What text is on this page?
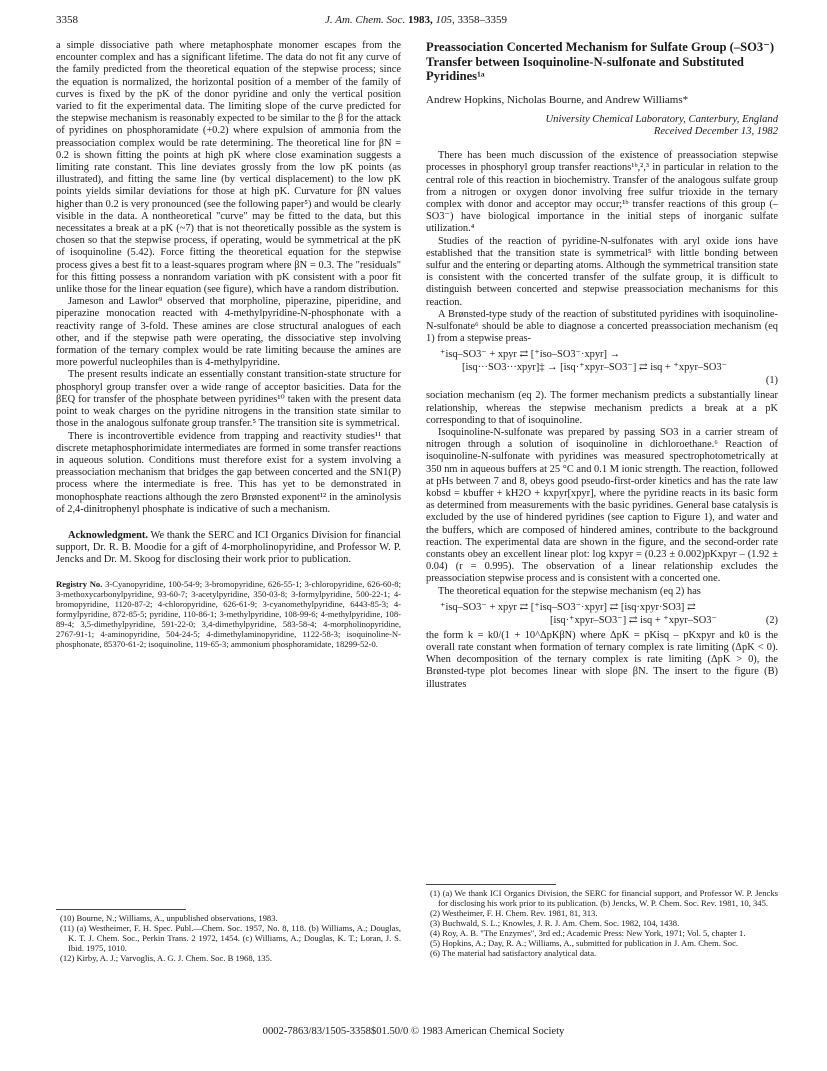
3358	J. Am. Chem. Soc. 1983, 105, 3358–3359

a simple dissociative path where metaphosphate monomer escapes from the encounter complex and has a significant lifetime. The data do not fit any curve of the family predicted from the theoretical equation of the stepwise process; since the equation is normalized, the horizontal position of a member of the family of curves is fixed by the pK of the donor pyridine and only the vertical position varied to fit the experimental data. The limiting slope of the curve predicted for the stepwise mechanism is reasonably expected to be similar to the β for the attack of pyridines on phosphoramidate (+0.2) where expulsion of ammonia from the preassociation complex would be rate determining. The theoretical line for βN = 0.2 is shown fitting the points at high pK where close examination suggests a limiting rate constant. This line deviates grossly from the low pK points (as illustrated), and fitting the same line (by vertical displacement) to the low pK points yields similar deviations for those at high pK. Curvature for βN values higher than 0.2 is very pronounced (see the following paper⁵) and would be clearly visible in the data. A nontheoretical "curve" may be fitted to the data, but this necessitates a break at a pK (~7) that is not theoretically possible as the system is chosen so that the stepwise process, if operating, would be symmetrical at the pK of isoquinoline (5.42). Force fitting the theoretical equation for the stepwise process gives a best fit to a least-squares program where βN = 0.3. The "residuals" for this fitting possess a nonrandom variation with pK consistent with a poor fit unlike those for the linear equation (see figure), which have a random distribution.

Jameson and Lawlor⁹ observed that morpholine, piperazine, piperidine, and piperazine monocation reacted with 4-methylpyridine-N-phosphonate with a reactivity range of 3-fold. These amines are close structural analogues of each other, and if the stepwise path were operating, the dissociative step involving formation of the ternary complex would be rate limiting because the amines are more powerful nucleophiles than is 4-methylpyridine.

The present results indicate an essentially constant transition-state structure for phosphoryl group transfer over a wide range of acceptor basicities. Data for the βEQ for transfer of the phosphate between pyridines¹⁰ taken with the present data point to weak charges on the pyridine nitrogens in the transition state similar to those in the analogous sulfonate group transfer.⁵ The transition site is symmetrical.

There is incontrovertible evidence from trapping and reactivity studies¹¹ that discrete metaphosphorimidate intermediates are formed in some transfer reactions in aqueous solution. Conditions must therefore exist for a system involving a preassociation mechanism that bridges the gap between concerted and the SN1(P) process where the intermediate is free. This has yet to be demonstrated in monophosphate reactions although the zero Brønsted exponent¹² in the aminolysis of 2,4-dinitrophenyl phosphate is indicative of such a mechanism.

Acknowledgment. We thank the SERC and ICI Organics Division for financial support, Dr. R. B. Moodie for a gift of 4-morpholinopyridine, and Professor W. P. Jencks and Dr. M. Skoog for disclosing their work prior to publication.

Registry No. 3-Cyanopyridine, 100-54-9; 3-bromopyridine, 626-55-1; 3-chloropyridine, 626-60-8; 3-methoxycarbonylpyridine, 93-60-7; 3-acetylpyridine, 350-03-8; 3-formylpyridine, 500-22-1; 4-bromopyridine, 1120-87-2; 4-chloropyridine, 626-61-9; 3-cyanomethylpyridine, 6443-85-3; 4-formylpyridine, 872-85-5; pyridine, 110-86-1; 3-methylpyridine, 108-99-6; 4-methylpyridine, 108-89-4; 3,5-dimethylpyridine, 591-22-0; 3,4-dimethylpyridine, 583-58-4; 4-morpholinopyridine, 2767-91-1; 4-aminopyridine, 504-24-5; 4-dimethylaminopyridine, 1122-58-3; isoquinoline-N-phosphonate, 85370-61-2; isoquinoline, 119-65-3; ammonium phosphoramidate, 18299-52-0.

(10) Bourne, N.; Williams, A., unpublished observations, 1983.

(11) (a) Westheimer, F. H. Spec. Publ.—Chem. Soc. 1957, No. 8, 118. (b) Williams, A.; Douglas, K. T. J. Chem. Soc., Perkin Trans. 2 1972, 1454. (c) Williams, A.; Douglas, K. T.; Loran, J. S. Ibid. 1975, 1010.

(12) Kirby, A. J.; Varvoglis, A. G. J. Chem. Soc. B 1968, 135.

Preassociation Concerted Mechanism for Sulfate Group (–SO3⁻) Transfer between Isoquinoline-N-sulfonate and Substituted Pyridines¹ᵃ

Andrew Hopkins, Nicholas Bourne, and Andrew Williams*

University Chemical Laboratory, Canterbury, England

Received December 13, 1982

There has been much discussion of the existence of preassociation stepwise processes in phosphoryl group transfer reactions¹ᵇ,²,³ in particular in relation to the central role of this reaction in biochemistry. Transfer of the analogous sulfate group from a nitrogen or oxygen donor involving free sulfur trioxide in the ternary complex with donor and acceptor may occur;¹ᵇ transfer reactions of this group (–SO3⁻) have biological importance in the initial steps of inorganic sulfate utilization.⁴

Studies of the reaction of pyridine-N-sulfonates with aryl oxide ions have established that the transition state is symmetrical⁵ with little bonding between sulfur and the entering or departing atoms. Although the symmetrical transition state is consistent with the concerted transfer of the sulfate group, it is difficult to distinguish between concerted and stepwise preassociation mechanisms for this reaction.

A Brønsted-type study of the reaction of substituted pyridines with isoquinoline-N-sulfonate⁶ should be able to diagnose a concerted preassociation mechanism (eq 1) from a stepwise preas-

⁺isq–SO3⁻ + xpyr ⇄ [⁺iso–SO3⁻·xpyr] →
[isq···SO3···xpyr]‡ → [isq·⁺xpyr–SO3⁻] ⇄ isq + ⁺xpyr–SO3⁻
(1)

sociation mechanism (eq 2). The former mechanism predicts a substantially linear relationship, whereas the stepwise mechanism predicts a break at a pK corresponding to that of isoquinoline.

Isoquinoline-N-sulfonate was prepared by passing SO3 in a carrier stream of nitrogen through a solution of isoquinoline in dichloroethane.⁶ Reaction of isoquinoline-N-sulfonate with pyridines was measured spectrophotometrically at 350 nm in aqueous buffers at 25 °C and 0.1 M ionic strength. The reaction, followed at pHs between 7 and 8, obeys good pseudo-first-order kinetics and has the rate law kobsd = kbuffer + kH2O + kxpyr[xpyr], where the pyridine reacts in its basic form as determined from measurements with the basic pyridines. General base catalysis is excluded by the use of hindered pyridines (see caption to Figure 1), and water and the buffers, which are composed of hindered amines, contribute to the background reaction. The experimental data are shown in the figure, and the second-order rate constants obey an excellent linear plot: log kxpyr = (0.23 ± 0.002)pKxpyr – (1.92 ± 0.04) (r = 0.995). The observation of a linear relationship excludes the preassociation stepwise process and is consistent with a concerted one.

The theoretical equation for the stepwise mechanism (eq 2) has

⁺isq–SO3⁻ + xpyr ⇄ [⁺isq–SO3⁻·xpyr] ⇄ [isq·xpyr·SO3] ⇄
[isq·⁺xpyr–SO3⁻] ⇄ isq + ⁺xpyr–SO3⁻	(2)

the form k = k0/(1 + 10^ΔpKβN) where ΔpK = pKisq – pKxpyr and k0 is the overall rate constant when formation of ternary complex is rate limiting (ΔpK < 0). When decomposition of the ternary complex is rate limiting (ΔpK > 0), the Brønsted-type plot becomes linear with slope βN. The insert to the figure (B) illustrates

(1) (a) We thank ICI Organics Division, the SERC for financial support, and Professor W. P. Jencks for disclosing his work prior to its publication. (b) Jencks, W. P. Chem. Soc. Rev. 1981, 10, 345.

(2) Westheimer, F. H. Chem. Rev. 1981, 81, 313.

(3) Buchwald, S. L.; Knowles, J. R. J. Am. Chem. Soc. 1982, 104, 1438.

(4) Roy, A. B. "The Enzymes", 3rd ed.; Academic Press: New York, 1971; Vol. 5, chapter 1.

(5) Hopkins, A.; Day, R. A.; Williams, A., submitted for publication in J. Am. Chem. Soc.

(6) The material had satisfactory analytical data.

0002-7863/83/1505-3358$01.50/0 © 1983 American Chemical Society
